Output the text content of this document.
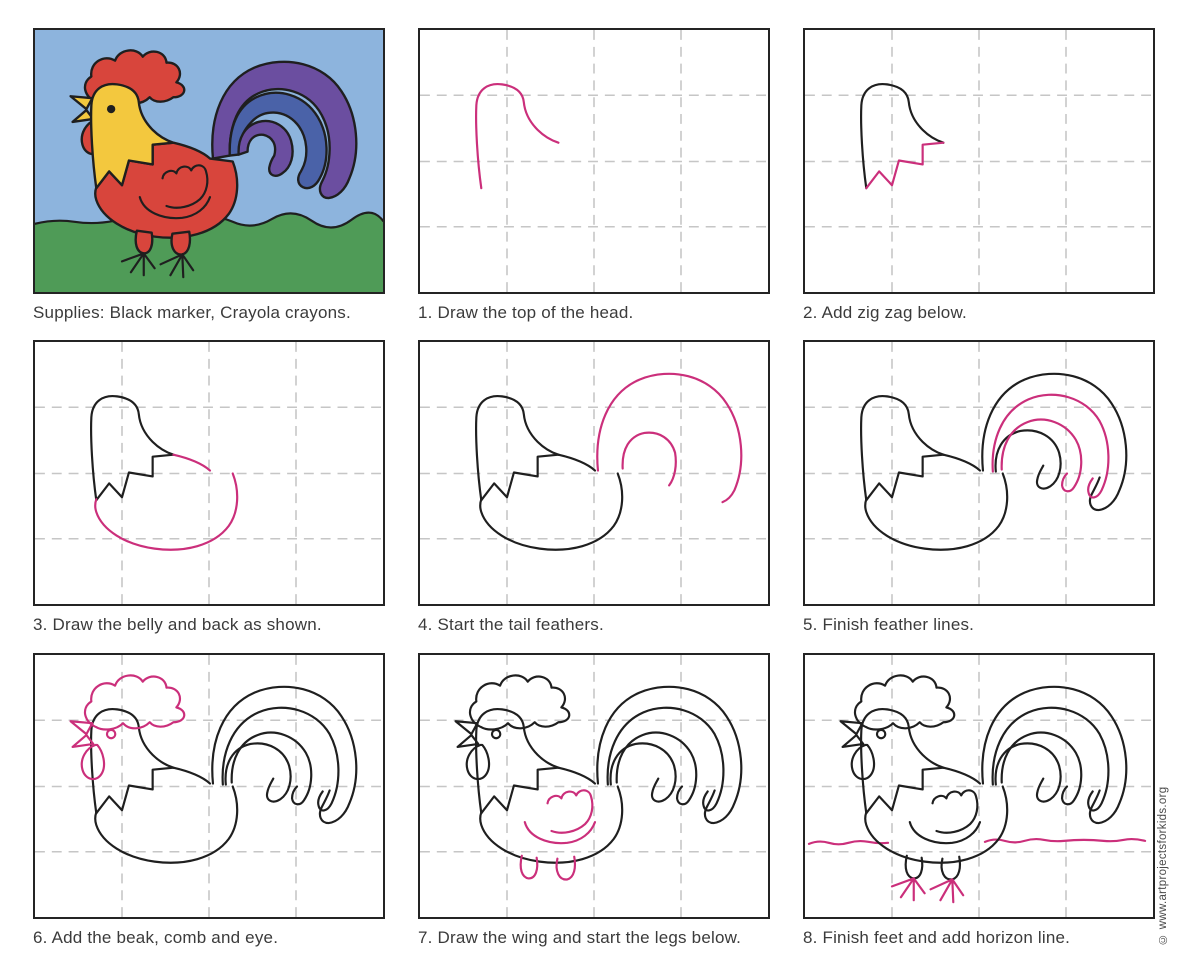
Supplies: Black marker, Crayola crayons.	1. Draw the top of the head.	2. Add zig zag below.
3. Draw the belly and back as shown.	4. Start the tail feathers.	5. Finish feather lines.
6. Add the beak, comb and eye.	7. Draw the wing and start the legs below.	8. Finish feet and add horizon line.	© www.artprojectsforkids.org
